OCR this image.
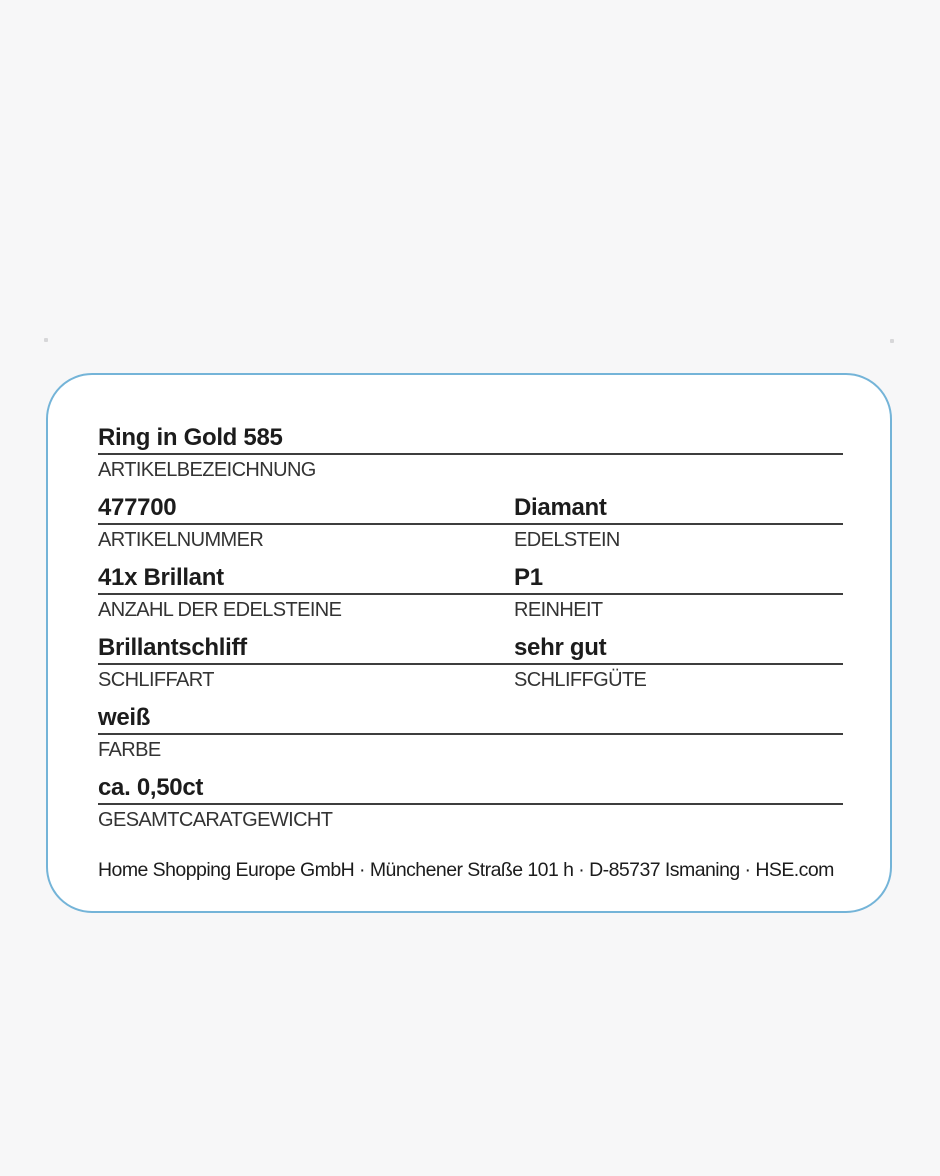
Ring in Gold 585
ARTIKELBEZEICHNUNG
477700	Diamant
ARTIKELNUMMER	EDELSTEIN
41x Brillant	P1
ANZAHL DER EDELSTEINE	REINHEIT
Brillantschliff	sehr gut
SCHLIFFART	SCHLIFFGÜTE
weiß
FARBE
ca. 0,50ct
GESAMTCARATGEWICHT
Home Shopping Europe GmbH · Münchener Straße 101 h · D-85737 Ismaning · HSE.com
